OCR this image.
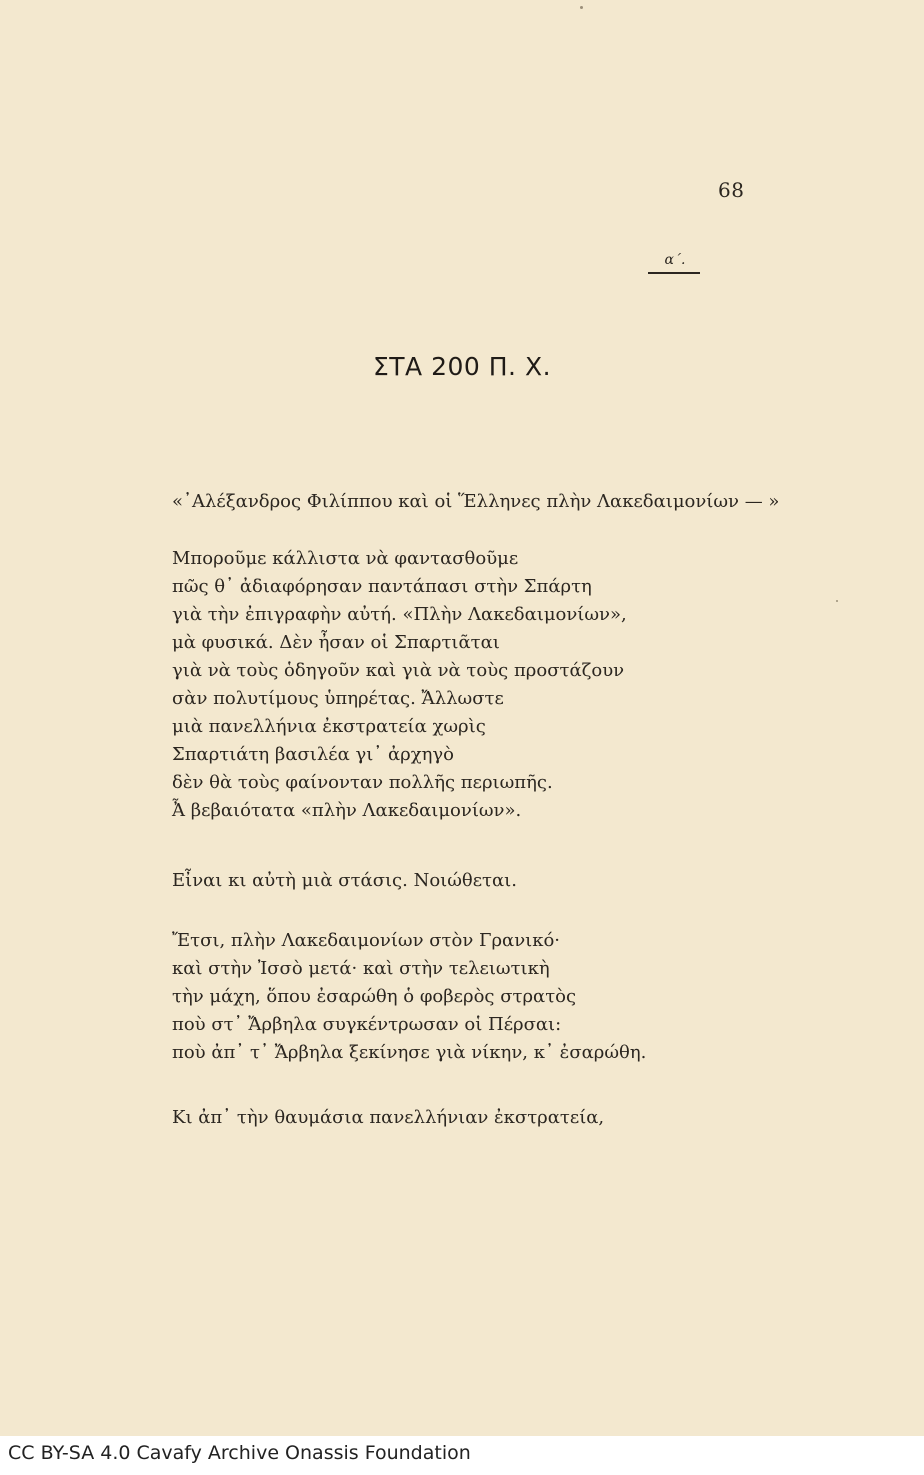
68
α΄.
ΣΤΑ 200 Π. Χ.
«᾿Αλέξανδρος Φιλίππου καὶ οἱ Ἕλληνες πλὴν Λακεδαιμονίων — »
Μποροῦμε κάλλιστα νὰ φαντασθοῦμε
πῶς θ᾿ ἀδιαφόρησαν παντάπασι στὴν Σπάρτη
γιὰ τὴν ἐπιγραφὴν αὐτή. «Πλὴν Λακεδαιμονίων»,
μὰ φυσικά. Δὲν ἦσαν οἱ Σπαρτιᾶται
γιὰ νὰ τοὺς ὁδηγοῦν καὶ γιὰ νὰ τοὺς προστάζουν
σὰν πολυτίμους ὑπηρέτας. Ἄλλωστε
μιὰ πανελλήνια ἐκστρατεία χωρὶς
Σπαρτιάτη βασιλέα γι᾿ ἀρχηγὸ
δὲν θὰ τοὺς φαίνονταν πολλῆς περιωπῆς.
Ἆ βεβαιότατα «πλὴν Λακεδαιμονίων».
Εἶναι κι αὐτὴ μιὰ στάσις. Νοιώθεται.
Ἔτσι, πλὴν Λακεδαιμονίων στὸν Γρανικό·
καὶ στὴν Ἰσσὸ μετά· καὶ στὴν τελειωτικὴ
τὴν μάχη, ὅπου ἐσαρώθη ὁ φοβερὸς στρατὸς
ποὺ στ᾿ Ἄρβηλα συγκέντρωσαν οἱ Πέρσαι:
ποὺ ἀπ᾿ τ᾿ Ἄρβηλα ξεκίνησε γιὰ νίκην, κ᾿ ἐσαρώθη.
Κι ἀπ᾿ τὴν θαυμάσια πανελλήνιαν ἐκστρατεία,
CC BY-SA 4.0 Cavafy Archive Onassis Foundation
